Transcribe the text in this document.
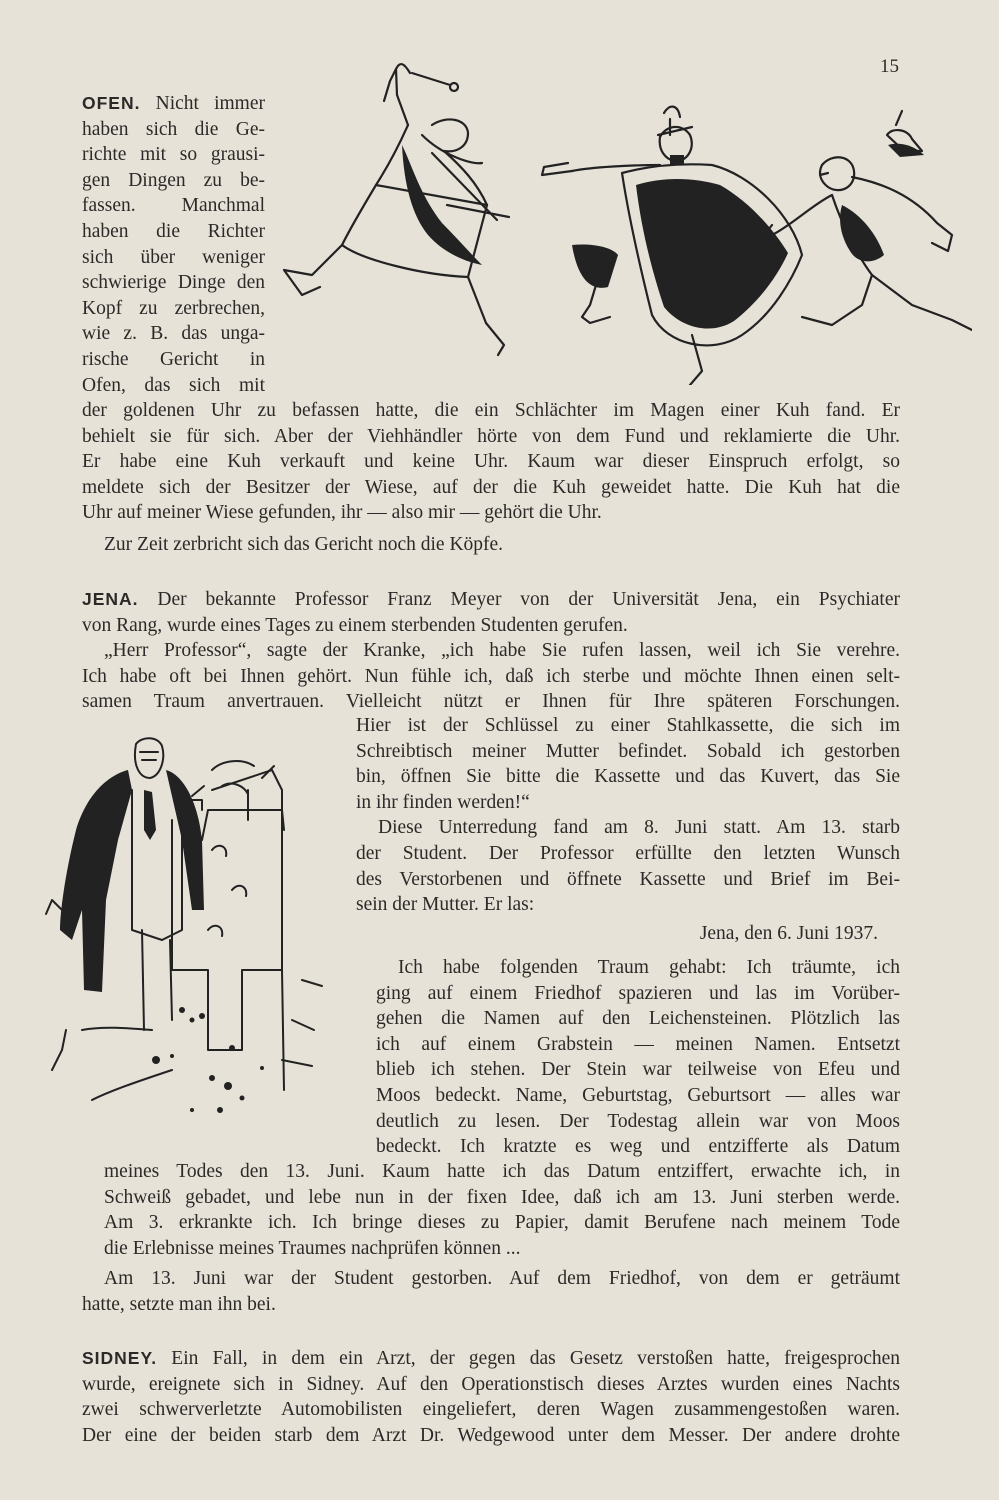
15

OFEN. Nicht immer

haben sich die Ge-

richte mit so grausi-

gen Dingen zu be-

fassen. Manchmal

haben die Richter

sich über weniger

schwierige Dinge den

Kopf zu zerbrechen,

wie z. B. das unga-

rische Gericht in

Ofen, das sich mit

der goldenen Uhr zu befassen hatte, die ein Schlächter im Magen einer Kuh fand. Er

behielt sie für sich. Aber der Viehhändler hörte von dem Fund und reklamierte die Uhr.

Er habe eine Kuh verkauft und keine Uhr. Kaum war dieser Einspruch erfolgt, so

meldete sich der Besitzer der Wiese, auf der die Kuh geweidet hatte. Die Kuh hat die

Uhr auf meiner Wiese gefunden, ihr — also mir — gehört die Uhr.

Zur Zeit zerbricht sich das Gericht noch die Köpfe.

JENA. Der bekannte Professor Franz Meyer von der Universität Jena, ein Psychiater

von Rang, wurde eines Tages zu einem sterbenden Studenten gerufen.

„Herr Professor“, sagte der Kranke, „ich habe Sie rufen lassen, weil ich Sie verehre.

Ich habe oft bei Ihnen gehört. Nun fühle ich, daß ich sterbe und möchte Ihnen einen selt-

samen Traum anvertrauen. Vielleicht nützt er Ihnen für Ihre späteren Forschungen.

Hier ist der Schlüssel zu einer Stahlkassette, die sich im

Schreibtisch meiner Mutter befindet. Sobald ich gestorben

bin, öffnen Sie bitte die Kassette und das Kuvert, das Sie

in ihr finden werden!“

Diese Unterredung fand am 8. Juni statt. Am 13. starb

der Student. Der Professor erfüllte den letzten Wunsch

des Verstorbenen und öffnete Kassette und Brief im Bei-

sein der Mutter. Er las:

Jena, den 6. Juni 1937.

Ich habe folgenden Traum gehabt: Ich träumte, ich

ging auf einem Friedhof spazieren und las im Vorüber-

gehen die Namen auf den Leichensteinen. Plötzlich las

ich auf einem Grabstein — meinen Namen. Entsetzt

blieb ich stehen. Der Stein war teilweise von Efeu und

Moos bedeckt. Name, Geburtstag, Geburtsort — alles war

deutlich zu lesen. Der Todestag allein war von Moos

bedeckt. Ich kratzte es weg und entzifferte als Datum

meines Todes den 13. Juni. Kaum hatte ich das Datum entziffert, erwachte ich, in

Schweiß gebadet, und lebe nun in der fixen Idee, daß ich am 13. Juni sterben werde.

Am 3. erkrankte ich. Ich bringe dieses zu Papier, damit Berufene nach meinem Tode

die Erlebnisse meines Traumes nachprüfen können ...

Am 13. Juni war der Student gestorben. Auf dem Friedhof, von dem er geträumt

hatte, setzte man ihn bei.

SIDNEY. Ein Fall, in dem ein Arzt, der gegen das Gesetz verstoßen hatte, freigesprochen

wurde, ereignete sich in Sidney. Auf den Operationstisch dieses Arztes wurden eines Nachts

zwei schwerverletzte Automobilisten eingeliefert, deren Wagen zusammengestoßen waren.

Der eine der beiden starb dem Arzt Dr. Wedgewood unter dem Messer. Der andere drohte
